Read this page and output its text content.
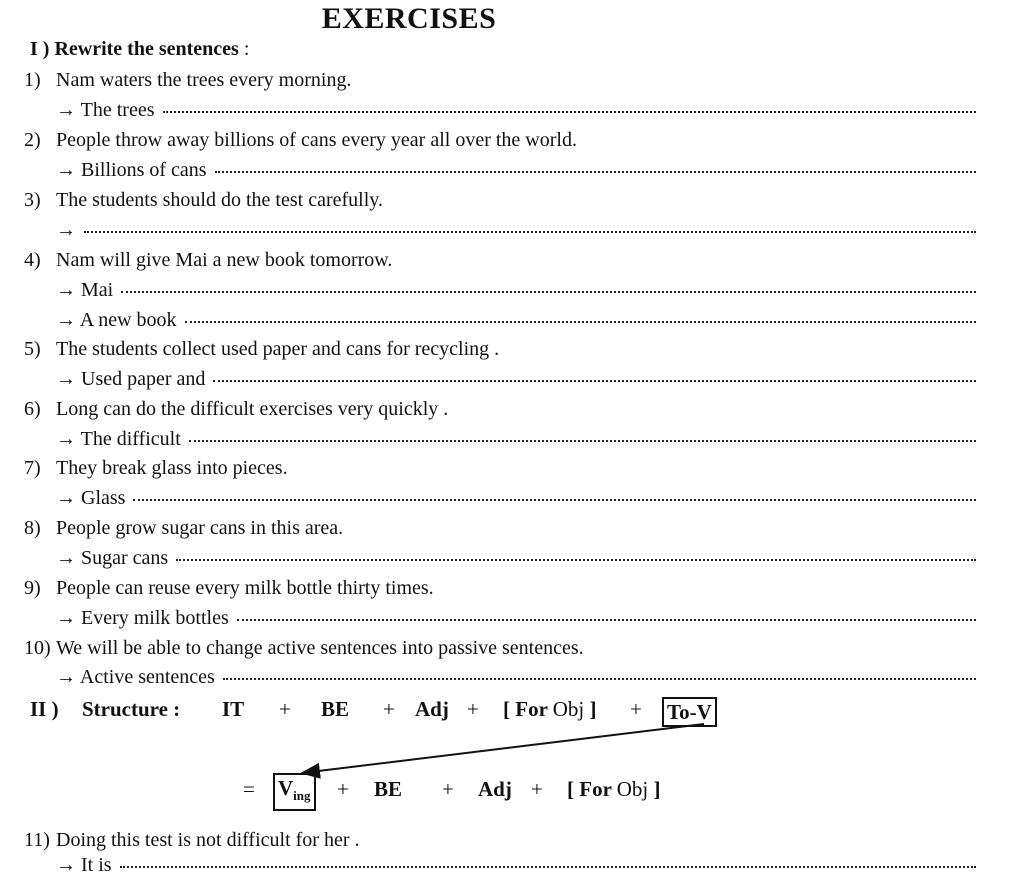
EXERCISES
I ) Rewrite the sentences :
1) Nam waters the trees every morning.
→ The trees
2) People throw away billions of cans every year all over the world.
→ Billions of cans
3) The students should do the test carefully.
→
4) Nam will give Mai a new book tomorrow.
→ Mai
→ A new book
5) The students collect used paper and cans for recycling .
→ Used paper and
6) Long can do the difficult exercises very quickly .
→ The difficult
7) They break glass into pieces.
→ Glass
8) People grow sugar cans in this area.
→ Sugar cans
9) People can reuse every milk bottle thirty times.
→ Every milk bottles
10) We will be able to change active sentences into passive sentences.
→ Active sentences
II ) Structure : IT + BE + Adj + [ For Obj ] + To-V
= $V_{ing}$ + BE + Adj + [ For Obj ]
11) Doing this test is not difficult for her .
→ It is
